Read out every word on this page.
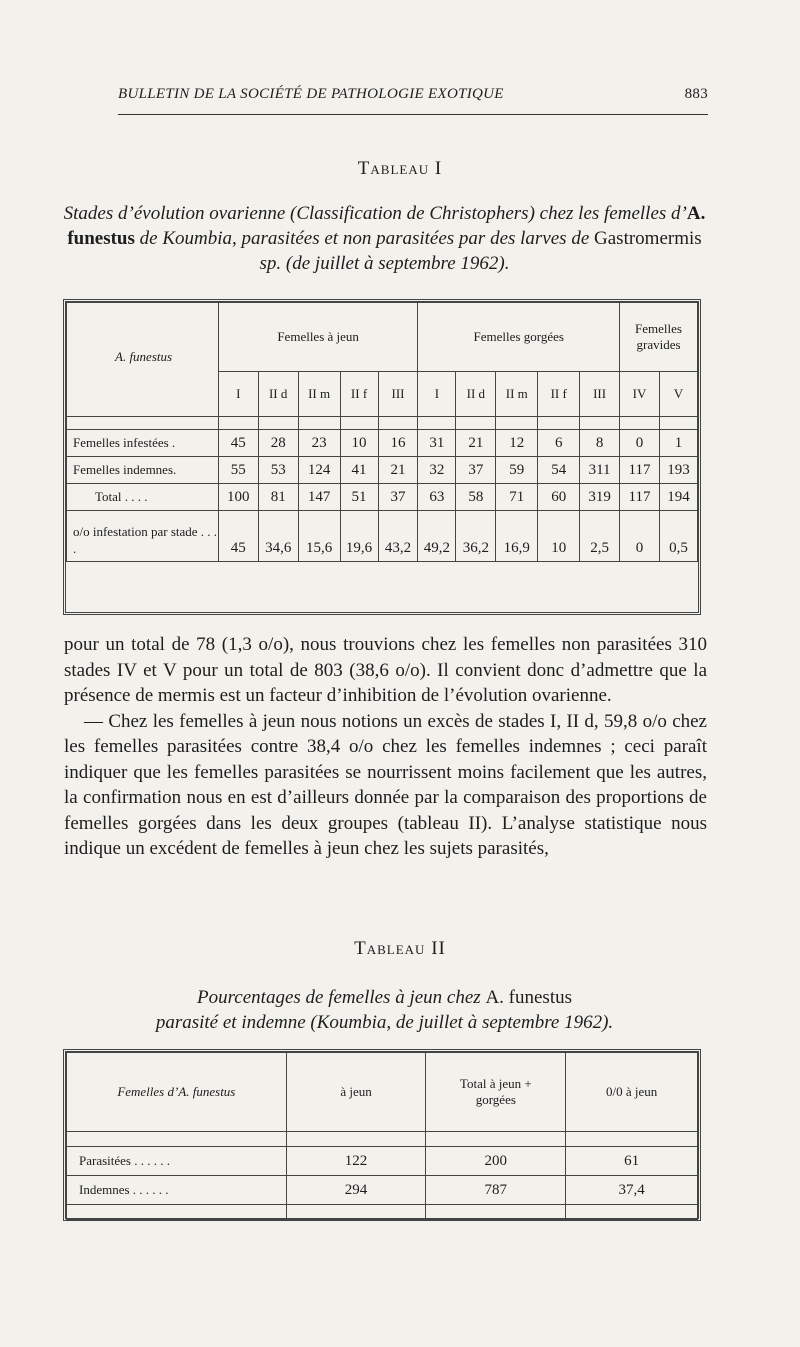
BULLETIN DE LA SOCIÉTÉ DE PATHOLOGIE EXOTIQUE	883
Tableau I
Stades d’évolution ovarienne (Classification de Christophers) chez les femelles d’A. funestus de Koumbia, parasitées et non parasitées par des larves de Gastromermis sp. (de juillet à septembre 1962).
A. funestus	Femelles à jeun					Femelles gorgées					Femelles gravides	
	I	II d	II m	II f	III	I	II d	II m	II f	III	IV	V

Femelles infestées .	45	28	23	10	16	31	21	12	6	8	0	1
Femelles indemnes.	55	53	124	41	21	32	37	59	54	311	117	193
Total . . . .	100	81	147	51	37	63	58	71	60	319	117	194
o/o infestation par stade . . . .	45	34,6	15,6	19,6	43,2	49,2	36,2	16,9	10	2,5	0	0,5

pour un total de 78 (1,3 o/o), nous trouvions chez les femelles non parasitées 310 stades IV et V pour un total de 803 (38,6 o/o). Il convient donc d’admettre que la présence de mermis est un facteur d’inhibition de l’évolution ovarienne.

— Chez les femelles à jeun nous notions un excès de stades I, II d, 59,8 o/o chez les femelles parasitées contre 38,4 o/o chez les femelles indemnes ; ceci paraît indiquer que les femelles parasitées se nourrissent moins facilement que les autres, la confirmation nous en est d’ailleurs donnée par la comparaison des proportions de femelles gorgées dans les deux groupes (tableau II). L’analyse statistique nous indique un excédent de femelles à jeun chez les sujets parasités,

Tableau II
Pourcentages de femelles à jeun chez A. funestus
parasité et indemne (Koumbia, de juillet à septembre 1962).
Femelles d’A. funestus	à jeun	Total à jeun + gorgées	0/0 à jeun

Parasitées . . . . . .	122	200	61
Indemnes . . . . . .	294	787	37,4
